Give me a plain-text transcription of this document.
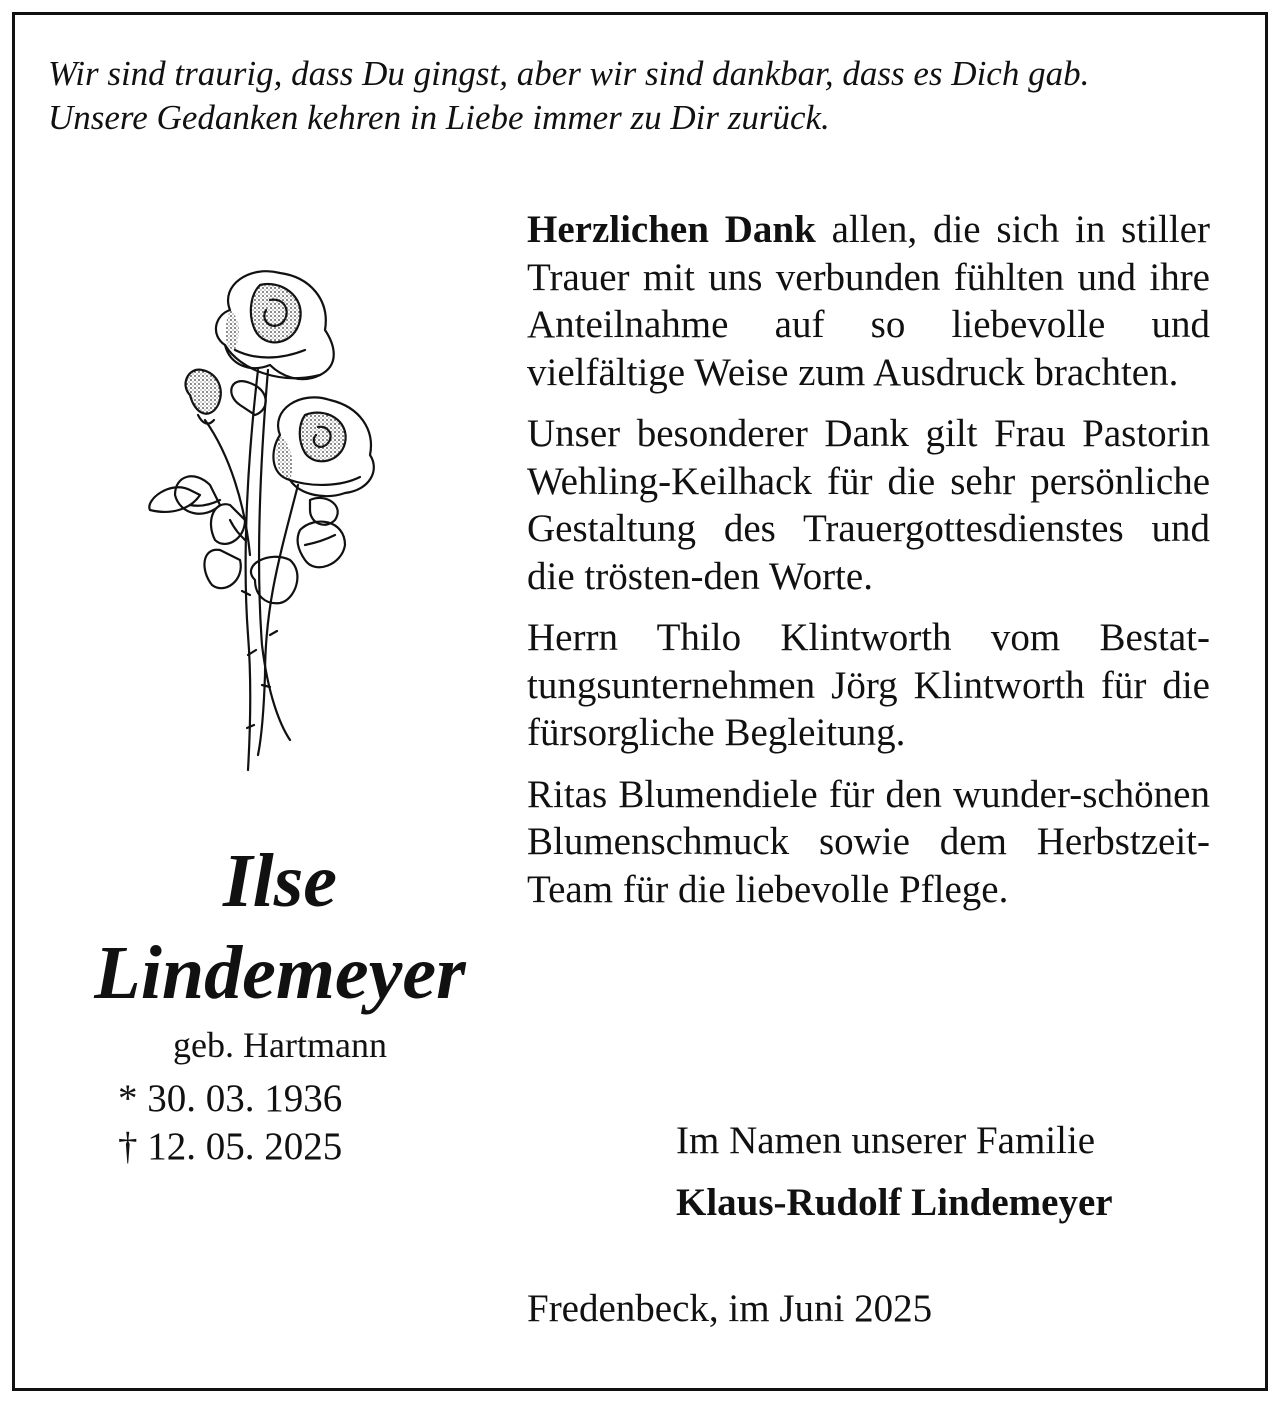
Wir sind traurig, dass Du gingst, aber wir sind dankbar, dass es Dich gab.
Unsere Gedanken kehren in Liebe immer zu Dir zurück.

Ilse

Lindemeyer

geb. Hartmann

* 30. 03. 1936
† 12. 05. 2025

Herzlichen Dank allen, die sich in stiller Trauer mit uns verbunden fühlten und ihre Anteilnahme auf so liebevolle und vielfältige Weise zum Ausdruck brachten.

Unser besonderer Dank gilt Frau Pastorin Wehling-Keilhack für die sehr persönliche Gestaltung des Trauergottesdienstes und die trösten-den Worte.

Herrn Thilo Klintworth vom Bestat-tungsunternehmen Jörg Klintworth für die fürsorgliche Begleitung.

Ritas Blumendiele für den wunder-schönen Blumenschmuck sowie dem Herbstzeit-Team für die liebevolle Pflege.

Im Namen unserer Familie

Klaus-Rudolf Lindemeyer

Fredenbeck, im Juni 2025
